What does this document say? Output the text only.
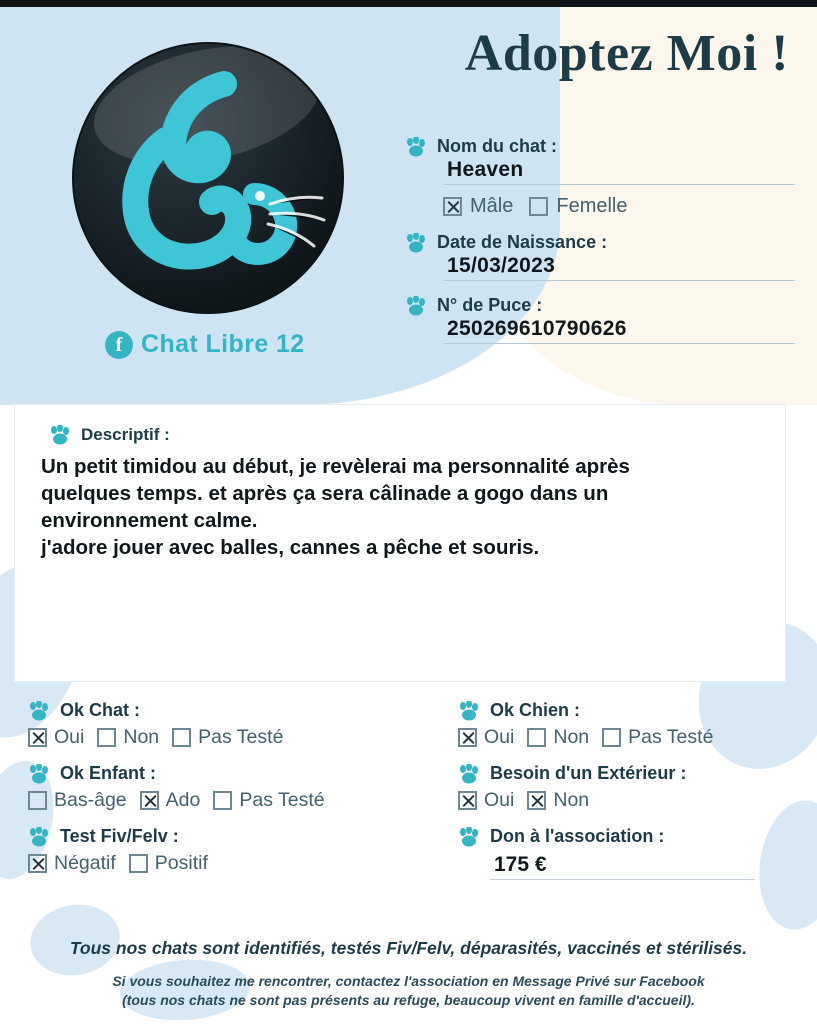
Adoptez Moi !
f Chat Libre 12
Nom du chat :
Heaven
Mâle Femelle
Date de Naissance :
15/03/2023
N° de Puce :
250269610790626
Descriptif :
Un petit timidou au début, je revèlerai ma personnalité après
quelques temps. et après ça sera câlinade a gogo dans un
environnement calme.
j'adore jouer avec balles, cannes a pêche et souris.
Ok Chat :
Oui Non Pas Testé
Ok Chien :
Oui Non Pas Testé
Ok Enfant :
Bas-âge Ado Pas Testé
Besoin d'un Extérieur :
Oui Non
Test Fiv/Felv :
Négatif Positif
Don à l'association :
175 €
Tous nos chats sont identifiés, testés Fiv/Felv, déparasités, vaccinés et stérilisés.
Si vous souhaitez me rencontrer, contactez l'association en Message Privé sur Facebook
(tous nos chats ne sont pas présents au refuge, beaucoup vivent en famille d'accueil).
